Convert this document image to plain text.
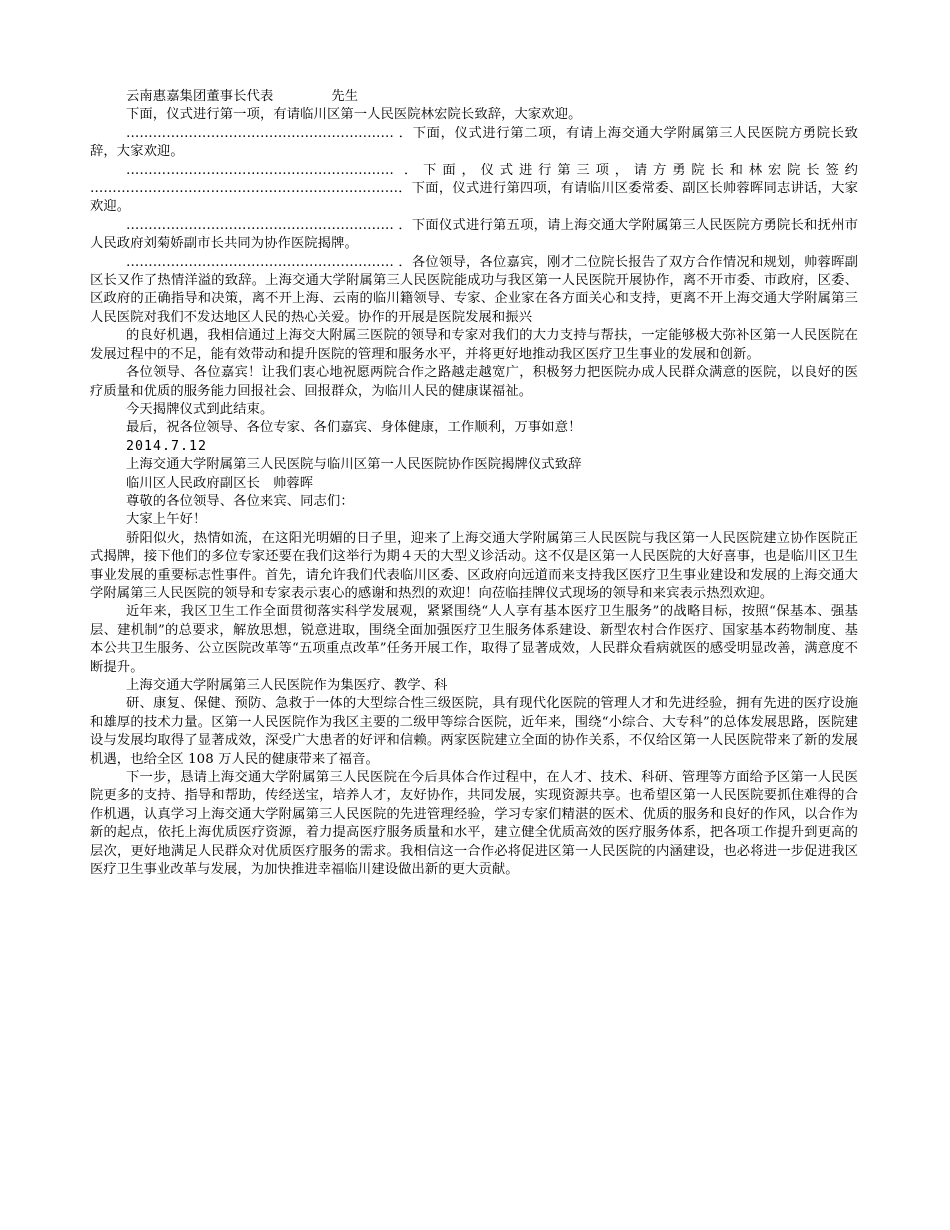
云南惠嘉集团董事长代表	先生

下面，仪式进行第一项，有请临川区第一人民医院林宏院长致辞，大家欢迎。

…………………………………………………… ．下面，仪式进行第二项，有请上海交通大学附属第三人民医院方勇院长致辞，大家欢迎。

…………………………………………………… ．下面，仪式进行第三项，请方勇院长和林宏院长签约 ……………………………………………………………．下面，仪式进行第四项，有请临川区委常委、副区长帅蓉晖同志讲话，大家欢迎。

…………………………………………………… ．下面仪式进行第五项，请上海交通大学附属第三人民医院方勇院长和抚州市人民政府刘菊娇副市长共同为协作医院揭牌。

…………………………………………………… ．各位领导，各位嘉宾，刚才二位院长报告了双方合作情况和规划，帅蓉晖副区长又作了热情洋溢的致辞。上海交通大学附属第三人民医院能成功与我区第一人民医院开展协作，离不开市委、市政府，区委、区政府的正确指导和决策，离不开上海、云南的临川籍领导、专家、企业家在各方面关心和支持，更离不开上海交通大学附属第三人民医院对我们不发达地区人民的热心关爱。协作的开展是医院发展和振兴

的良好机遇，我相信通过上海交大附属三医院的领导和专家对我们的大力支持与帮扶，一定能够极大弥补区第一人民医院在发展过程中的不足，能有效带动和提升医院的管理和服务水平，并将更好地推动我区医疗卫生事业的发展和创新。

各位领导、各位嘉宾！让我们衷心地祝愿两院合作之路越走越宽广，积极努力把医院办成人民群众满意的医院，以良好的医疗质量和优质的服务能力回报社会、回报群众，为临川人民的健康谋福祉。

今天揭牌仪式到此结束。

最后，祝各位领导、各位专家、各们嘉宾、身体健康，工作顺利，万事如意！

2014.7.12

上海交通大学附属第三人民医院与临川区第一人民医院协作医院揭牌仪式致辞

临川区人民政府副区长 帅蓉晖

尊敬的各位领导、各位来宾、同志们：

大家上午好！

骄阳似火，热情如流，在这阳光明媚的日子里，迎来了上海交通大学附属第三人民医院与我区第一人民医院建立协作医院正式揭牌，接下他们的多位专家还要在我们这举行为期４天的大型义诊活动。这不仅是区第一人民医院的大好喜事，也是临川区卫生事业发展的重要标志性事件。首先，请允许我们代表临川区委、区政府向远道而来支持我区医疗卫生事业建设和发展的上海交通大学附属第三人民医院的领导和专家表示衷心的感谢和热烈的欢迎！向莅临挂牌仪式现场的领导和来宾表示热烈欢迎。

近年来，我区卫生工作全面贯彻落实科学发展观，紧紧围绕“人人享有基本医疗卫生服务”的战略目标，按照“保基本、强基层、建机制”的总要求，解放思想，锐意进取，围绕全面加强医疗卫生服务体系建设、新型农村合作医疗、国家基本药物制度、基本公共卫生服务、公立医院改革等“五项重点改革”任务开展工作，取得了显著成效，人民群众看病就医的感受明显改善，满意度不断提升。

上海交通大学附属第三人民医院作为集医疗、教学、科

研、康复、保健、预防、急救于一体的大型综合性三级医院，具有现代化医院的管理人才和先进经验，拥有先进的医疗设施和雄厚的技术力量。区第一人民医院作为我区主要的二级甲等综合医院，近年来，围绕“小综合、大专科”的总体发展思路，医院建设与发展均取得了显著成效，深受广大患者的好评和信赖。两家医院建立全面的协作关系，不仅给区第一人民医院带来了新的发展机遇，也给全区 108 万人民的健康带来了福音。

下一步，恳请上海交通大学附属第三人民医院在今后具体合作过程中，在人才、技术、科研、管理等方面给予区第一人民医院更多的支持、指导和帮助，传经送宝，培养人才，友好协作，共同发展，实现资源共享。也希望区第一人民医院要抓住难得的合作机遇，认真学习上海交通大学附属第三人民医院的先进管理经验，学习专家们精湛的医术、优质的服务和良好的作风，以合作为新的起点，依托上海优质医疗资源，着力提高医疗服务质量和水平，建立健全优质高效的医疗服务体系，把各项工作提升到更高的层次，更好地满足人民群众对优质医疗服务的需求。我相信这一合作必将促进区第一人民医院的内涵建设，也必将进一步促进我区医疗卫生事业改革与发展，为加快推进幸福临川建设做出新的更大贡献。
